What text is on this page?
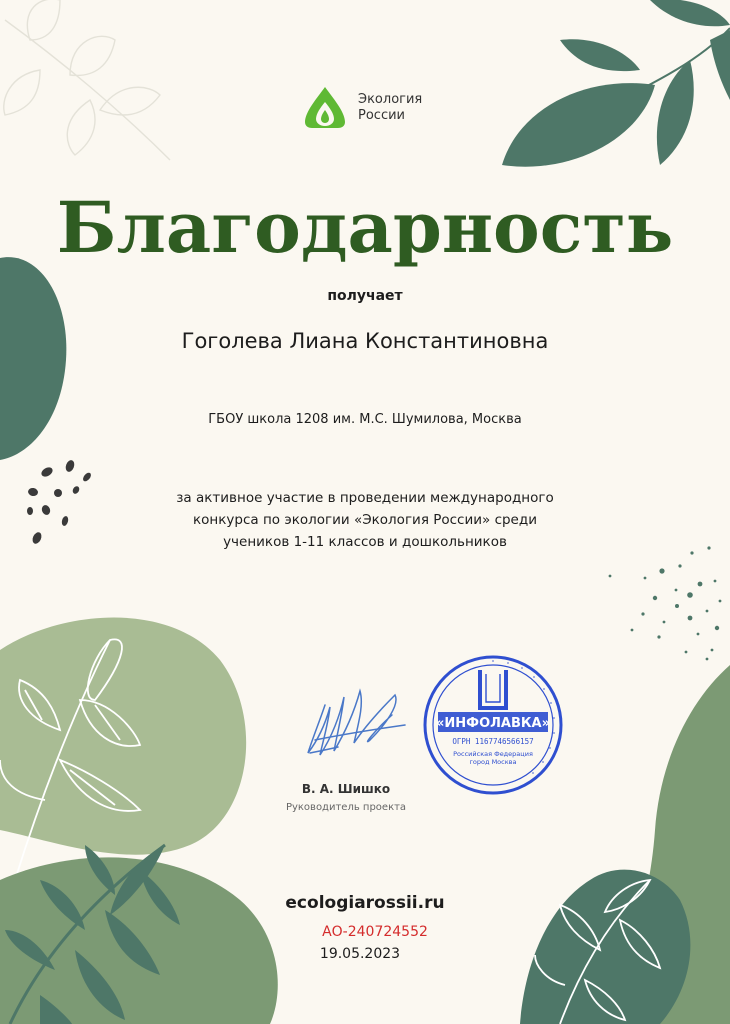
Экология
России
Благодарность
получает
Гоголева Лиана Константиновна
ГБОУ школа 1208 им. М.С. Шумилова, Москва
за активное участие в проведении международного
конкурса по экологии «Экология России» среди
учеников 1-11 классов и дошкольников
В. А. Шишко
Руководитель проекта
«ИНФОЛАВКА»
ОГРН 1167746566157
Российская Федерация
город Москва
ecologiarossii.ru
АО-240724552
19.05.2023
